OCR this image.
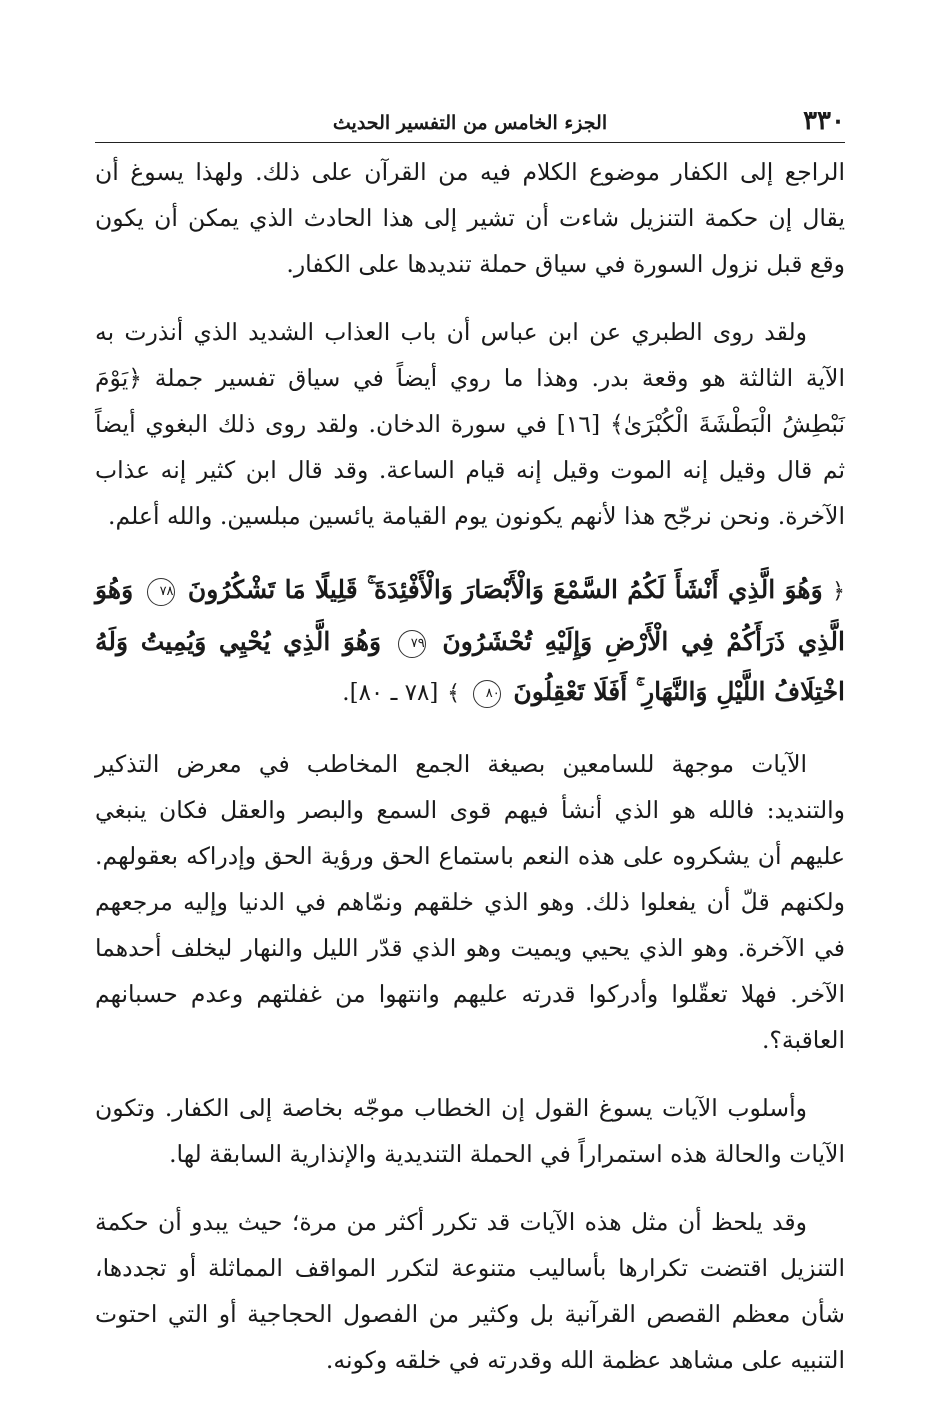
٣٣٠
الجزء الخامس من التفسير الحديث

الراجع إلى الكفار موضوع الكلام فيه من القرآن على ذلك. ولهذا يسوغ أن يقال إن حكمة التنزيل شاءت أن تشير إلى هذا الحادث الذي يمكن أن يكون وقع قبل نزول السورة في سياق حملة تنديدها على الكفار.

ولقد روى الطبري عن ابن عباس أن باب العذاب الشديد الذي أنذرت به الآية الثالثة هو وقعة بدر. وهذا ما روي أيضاً في سياق تفسير جملة ﴿يَوْمَ نَبْطِشُ الْبَطْشَةَ الْكُبْرَىٰ﴾ [١٦] في سورة الدخان. ولقد روى ذلك البغوي أيضاً ثم قال وقيل إنه الموت وقيل إنه قيام الساعة. وقد قال ابن كثير إنه عذاب الآخرة. ونحن نرجّح هذا لأنهم يكونون يوم القيامة يائسين مبلسين. والله أعلم.

﴿ وَهُوَ الَّذِي أَنْشَأَ لَكُمُ السَّمْعَ وَالْأَبْصَارَ وَالْأَفْئِدَةَ ۚ قَلِيلًا مَا تَشْكُرُونَ ٧٨ وَهُوَ الَّذِي ذَرَأَكُمْ فِي الْأَرْضِ وَإِلَيْهِ تُحْشَرُونَ ٧٩ وَهُوَ الَّذِي يُحْيِي وَيُمِيتُ وَلَهُ اخْتِلَافُ اللَّيْلِ وَالنَّهَارِ ۚ أَفَلَا تَعْقِلُونَ ٨٠ ﴾ [٧٨ ـ ٨٠].

الآيات موجهة للسامعين بصيغة الجمع المخاطب في معرض التذكير والتنديد: فالله هو الذي أنشأ فيهم قوى السمع والبصر والعقل فكان ينبغي عليهم أن يشكروه على هذه النعم باستماع الحق ورؤية الحق وإدراكه بعقولهم. ولكنهم قلّ أن يفعلوا ذلك. وهو الذي خلقهم ونمّاهم في الدنيا وإليه مرجعهم في الآخرة. وهو الذي يحيي ويميت وهو الذي قدّر الليل والنهار ليخلف أحدهما الآخر. فهلا تعقّلوا وأدركوا قدرته عليهم وانتهوا من غفلتهم وعدم حسبانهم العاقبة؟.

وأسلوب الآيات يسوغ القول إن الخطاب موجّه بخاصة إلى الكفار. وتكون الآيات والحالة هذه استمراراً في الحملة التنديدية والإنذارية السابقة لها.

وقد يلحظ أن مثل هذه الآيات قد تكرر أكثر من مرة؛ حيث يبدو أن حكمة التنزيل اقتضت تكرارها بأساليب متنوعة لتكرر المواقف المماثلة أو تجددها، شأن معظم القصص القرآنية بل وكثير من الفصول الحجاجية أو التي احتوت التنبيه على مشاهد عظمة الله وقدرته في خلقه وكونه.
